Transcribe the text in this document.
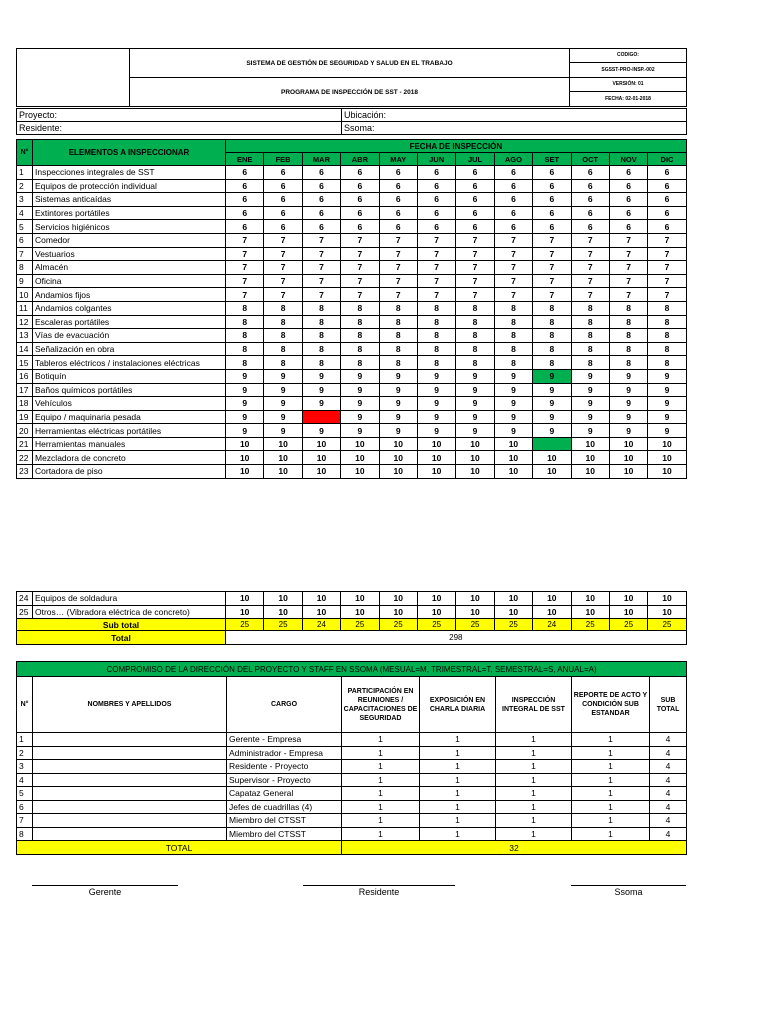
	SISTEMA DE GESTIÓN DE SEGURIDAD Y SALUD EN EL TRABAJO	CODIGO:
SGSST-PRO-INSP.-002

	PROGRAMA DE INSPECCIÓN DE SST - 2018	VERSIÓN: 01
FECHA: 02-01-2018
Proyecto:	Ubicación:
Residente:	Ssoma:
N°	ELEMENTOS A INSPECCIONAR	FECHA DE INSPECCIÓN											
		ENE	FEB	MAR	ABR	MAY	JUN	JUL	AGO	SET	OCT	NOV	DIC
1	Inspecciones integrales de SST	6	6	6	6	6	6	6	6	6	6	6	6
2	Equipos de protección individual	6	6	6	6	6	6	6	6	6	6	6	6
3	Sistemas anticaídas	6	6	6	6	6	6	6	6	6	6	6	6
4	Extintores portátiles	6	6	6	6	6	6	6	6	6	6	6	6
5	Servicios higiénicos	6	6	6	6	6	6	6	6	6	6	6	6
6	Comedor	7	7	7	7	7	7	7	7	7	7	7	7
7	Vestuarios	7	7	7	7	7	7	7	7	7	7	7	7
8	Almacén	7	7	7	7	7	7	7	7	7	7	7	7
9	Oficina	7	7	7	7	7	7	7	7	7	7	7	7
10	Andamios fijos	7	7	7	7	7	7	7	7	7	7	7	7
11	Andamios colgantes	8	8	8	8	8	8	8	8	8	8	8	8
12	Escaleras portátiles	8	8	8	8	8	8	8	8	8	8	8	8
13	Vías de evacuación	8	8	8	8	8	8	8	8	8	8	8	8
14	Señalización en obra	8	8	8	8	8	8	8	8	8	8	8	8
15	Tableros eléctricos / instalaciones eléctricas	8	8	8	8	8	8	8	8	8	8	8	8
16	Botiquín	9	9	9	9	9	9	9	9	9	9	9	9
17	Baños químicos portátiles	9	9	9	9	9	9	9	9	9	9	9	9
18	Vehículos	9	9	9	9	9	9	9	9	9	9	9	9
19	Equipo / maquinaria pesada	9	9		9	9	9	9	9	9	9	9	9
20	Herramientas eléctricas portátiles	9	9	9	9	9	9	9	9	9	9	9	9
21	Herramientas manuales	10	10	10	10	10	10	10	10		10	10	10
22	Mezcladora de concreto	10	10	10	10	10	10	10	10	10	10	10	10
23	Cortadora de piso	10	10	10	10	10	10	10	10	10	10	10	10
24	Equipos de soldadura	10	10	10	10	10	10	10	10	10	10	10	10
25	Otros… (Vibradora eléctrica de concreto)	10	10	10	10	10	10	10	10	10	10	10	10
Sub total		25	25	24	25	25	25	25	25	24	25	25	25
Total		298											
COMPROMISO DE LA DIRECCIÓN DEL PROYECTO Y STAFF EN SSOMA (MESUAL=M, TRIMESTRAL=T, SEMESTRAL=S, ANUAL=A)							
N°	NOMBRES Y APELLIDOS	CARGO	PARTICIPACIÓN EN REUNIONES / CAPACITACIONES DE SEGURIDAD	EXPOSICIÓN EN CHARLA DIARIA	INSPECCIÓN INTEGRAL DE SST	REPORTE DE ACTO Y CONDICIÓN SUB ESTANDAR	SUB TOTAL
1		Gerente - Empresa	1	1	1	1	4
2		Administrador - Empresa	1	1	1	1	4
3		Residente - Proyecto	1	1	1	1	4
4		Supervisor - Proyecto	1	1	1	1	4
5		Capataz General	1	1	1	1	4
6		Jefes de cuadrillas (4)	1	1	1	1	4
7		Miembro del CTSST	1	1	1	1	4
8		Miembro del CTSST	1	1	1	1	4
TOTAL			32				
Gerente	Residente	Ssoma
